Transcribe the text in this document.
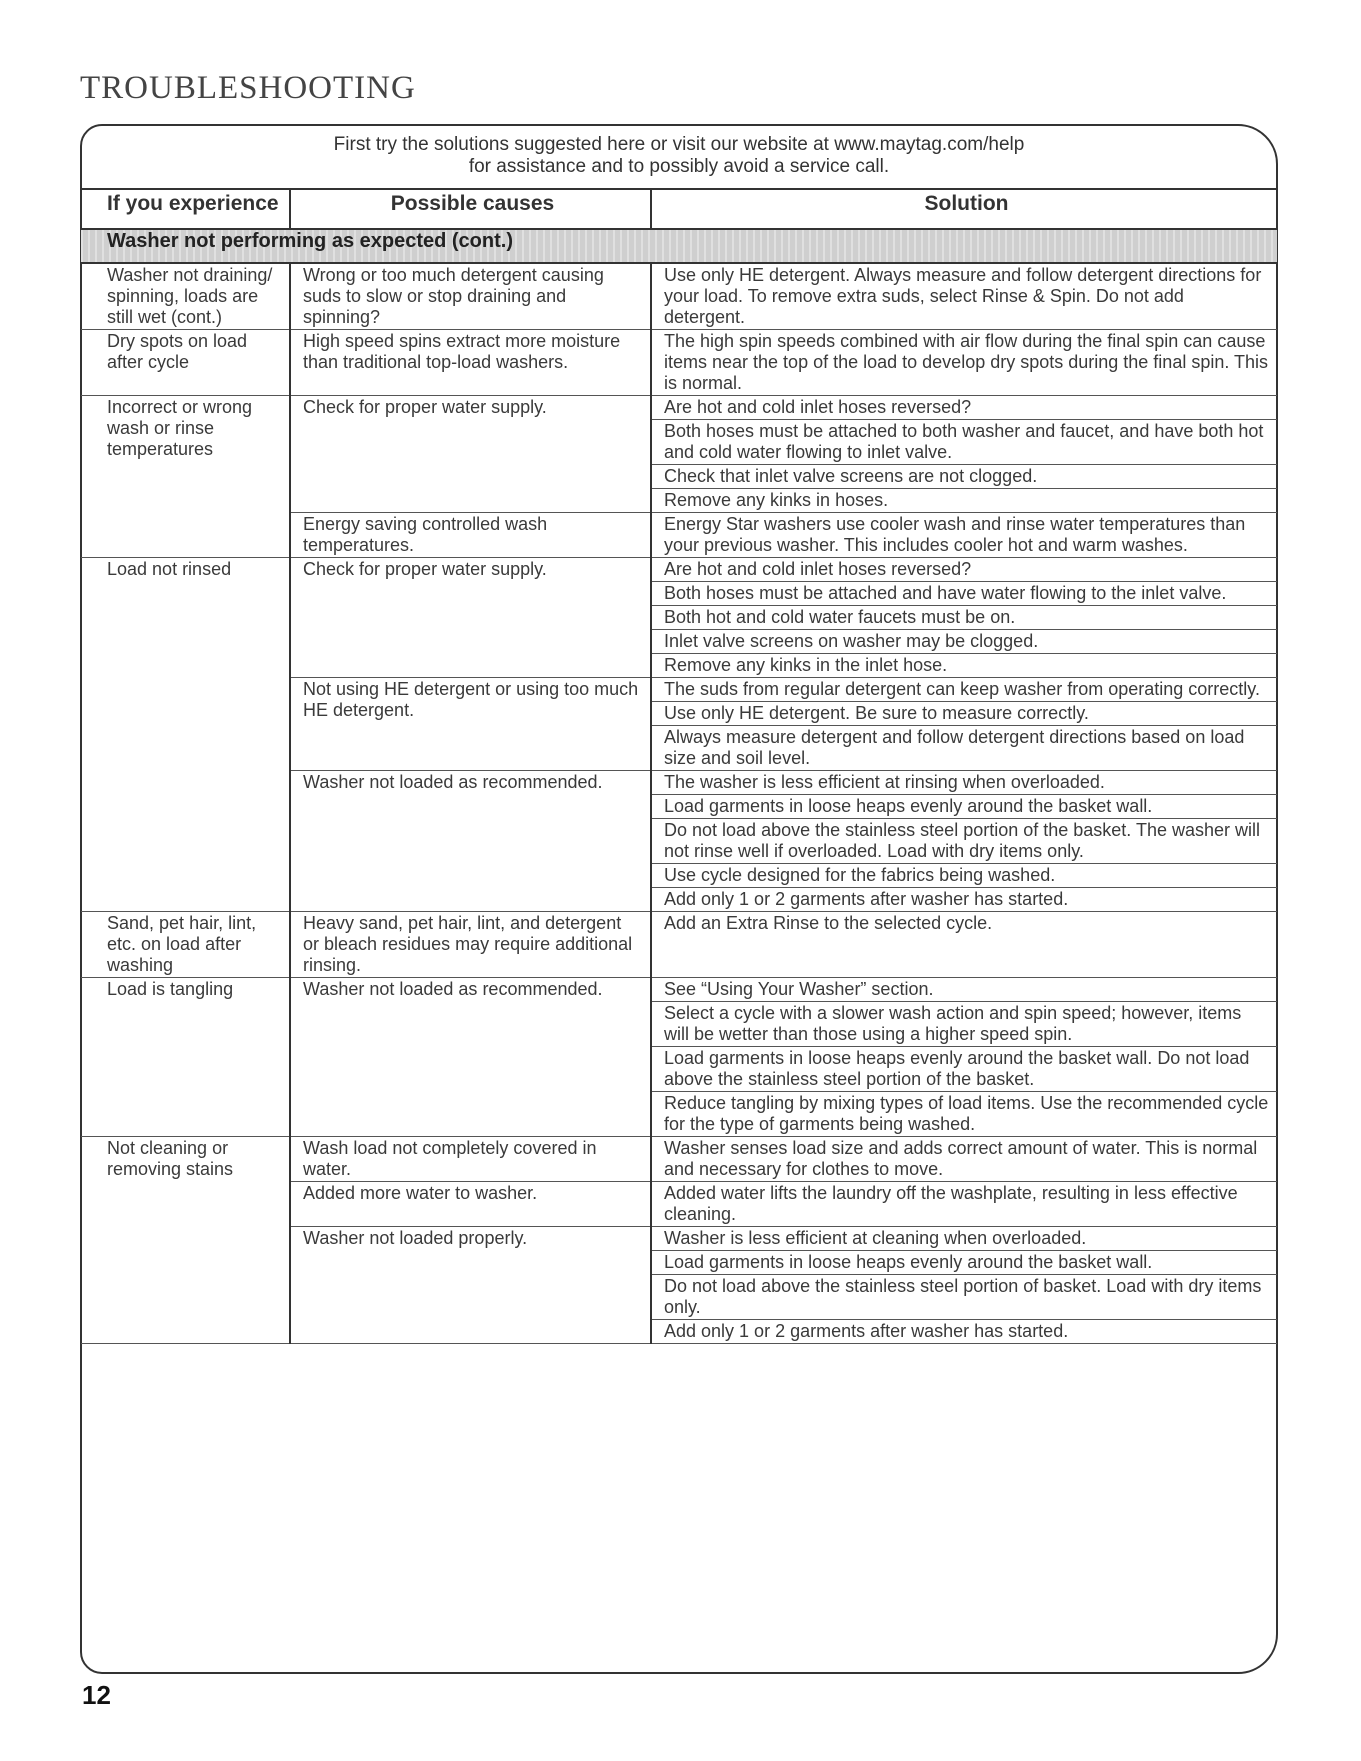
TROUBLESHOOTING

First try the solutions suggested here or visit our website at www.maytag.com/help
for assistance and to possibly avoid a service call.

If you experience	Possible causes	Solution
Washer not performing as expected (cont.)		
Washer not draining/ spinning, loads are still wet (cont.)	Wrong or too much detergent causing suds to slow or stop draining and spinning?	Use only HE detergent. Always measure and follow detergent directions for your load. To remove extra suds, select Rinse & Spin. Do not add detergent.
Dry spots on load after cycle	High speed spins extract more moisture than traditional top-load washers.	The high spin speeds combined with air flow during the final spin can cause items near the top of the load to develop dry spots during the final spin. This is normal.
Incorrect or wrong wash or rinse temperatures	Check for proper water supply.	Are hot and cold inlet hoses reversed?
		Both hoses must be attached to both washer and faucet, and have both hot and cold water flowing to inlet valve.
		Check that inlet valve screens are not clogged.
		Remove any kinks in hoses.
	Energy saving controlled wash temperatures.	Energy Star washers use cooler wash and rinse water temperatures than your previous washer. This includes cooler hot and warm washes.
Load not rinsed	Check for proper water supply.	Are hot and cold inlet hoses reversed?
		Both hoses must be attached and have water flowing to the inlet valve.
		Both hot and cold water faucets must be on.
		Inlet valve screens on washer may be clogged.
		Remove any kinks in the inlet hose.
	Not using HE detergent or using too much HE detergent.	The suds from regular detergent can keep washer from operating correctly.
		Use only HE detergent. Be sure to measure correctly.
		Always measure detergent and follow detergent directions based on load size and soil level.
	Washer not loaded as recommended.	The washer is less efficient at rinsing when overloaded.
		Load garments in loose heaps evenly around the basket wall.
		Do not load above the stainless steel portion of the basket. The washer will not rinse well if overloaded. Load with dry items only.
		Use cycle designed for the fabrics being washed.
		Add only 1 or 2 garments after washer has started.
Sand, pet hair, lint, etc. on load after washing	Heavy sand, pet hair, lint, and detergent or bleach residues may require additional rinsing.	Add an Extra Rinse to the selected cycle.
Load is tangling	Washer not loaded as recommended.	See “Using Your Washer” section.
		Select a cycle with a slower wash action and spin speed; however, items will be wetter than those using a higher speed spin.
		Load garments in loose heaps evenly around the basket wall. Do not load above the stainless steel portion of the basket.
		Reduce tangling by mixing types of load items. Use the recommended cycle for the type of garments being washed.
Not cleaning or removing stains	Wash load not completely covered in water.	Washer senses load size and adds correct amount of water. This is normal and necessary for clothes to move.
	Added more water to washer.	Added water lifts the laundry off the washplate, resulting in less effective cleaning.
	Washer not loaded properly.	Washer is less efficient at cleaning when overloaded.
		Load garments in loose heaps evenly around the basket wall.
		Do not load above the stainless steel portion of basket. Load with dry items only.
		Add only 1 or 2 garments after washer has started.

12
